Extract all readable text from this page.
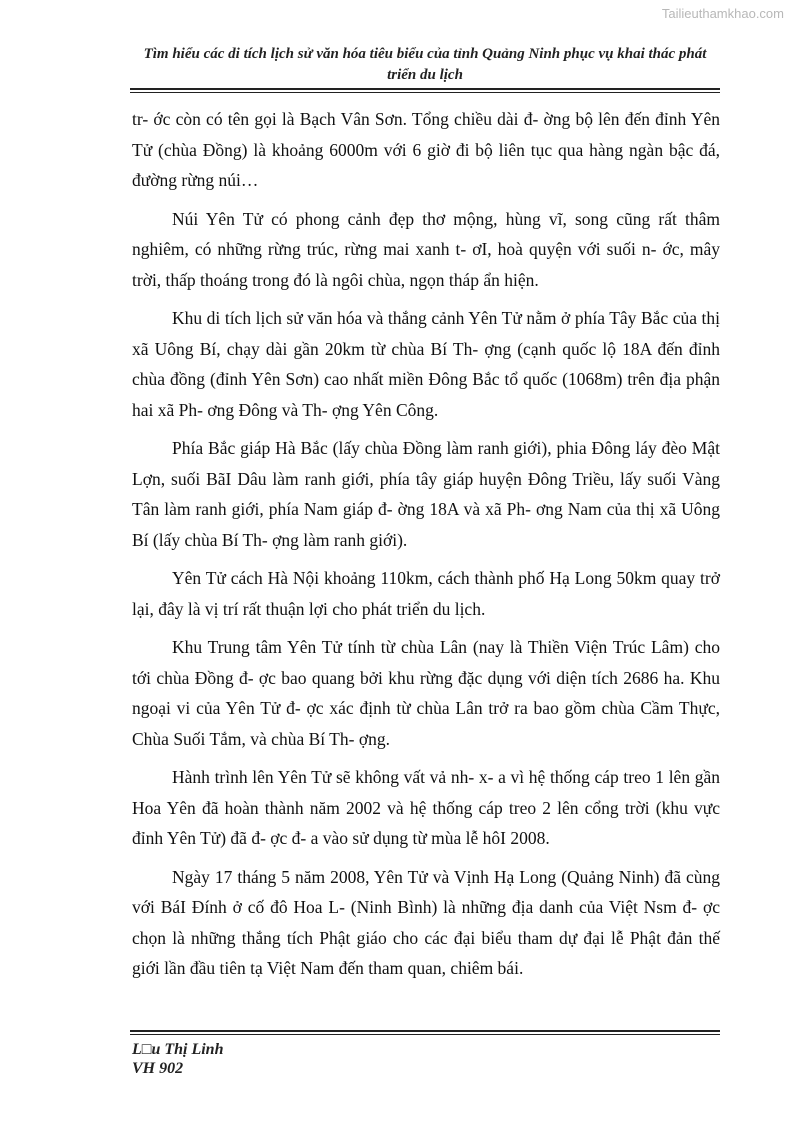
Tailieuthamkhao.com
Tìm hiểu các di tích lịch sử văn hóa tiêu biểu của tỉnh Quảng Ninh phục vụ khai thác phát triển du lịch

tr- ớc còn có tên gọi là Bạch Vân Sơn. Tổng chiều dài đ- ờng bộ lên đến đỉnh Yên Tử (chùa Đồng) là khoảng 6000m với 6 giờ đi bộ liên tục qua hàng ngàn bậc đá, đường rừng núi…

Núi Yên Tử có phong cảnh đẹp thơ mộng, hùng vĩ, song cũng rất thâm nghiêm, có những rừng trúc, rừng mai xanh t- ơI, hoà quyện với suối n- ớc, mây trời, thấp thoáng trong đó là ngôi chùa, ngọn tháp ẩn hiện.

Khu di tích lịch sử văn hóa và thắng cảnh Yên Tử nằm ở phía Tây Bắc của thị xã Uông Bí, chạy dài gần 20km từ chùa Bí Th- ợng (cạnh quốc lộ 18A đến đỉnh chùa đồng (đỉnh Yên Sơn) cao nhất miền Đông Bắc tổ quốc (1068m) trên địa phận hai xã Ph- ơng Đông và Th- ợng Yên Công.

Phía Bắc giáp Hà Bắc (lấy chùa Đồng làm ranh giới), phia Đông láy đèo Mật Lợn, suối BãI Dâu làm ranh giới, phía tây giáp huyện Đông Triều, lấy suối Vàng Tân làm ranh giới, phía Nam giáp đ- ờng 18A và xã Ph- ơng Nam của thị xã Uông Bí (lấy chùa Bí Th- ợng làm ranh giới).

Yên Tử cách Hà Nội khoảng 110km, cách thành phố Hạ Long 50km quay trở lại, đây là vị trí rất thuận lợi cho phát triển du lịch.

Khu Trung tâm Yên Tử tính từ chùa Lân (nay là Thiền Viện Trúc Lâm) cho tới chùa Đồng đ- ợc bao quang bởi khu rừng đặc dụng với diện tích 2686 ha. Khu ngoại vi của Yên Tử đ- ợc xác định từ chùa Lân trở ra bao gồm chùa Cầm Thực, Chùa Suối Tắm, và chùa Bí Th- ợng.

Hành trình lên Yên Tử sẽ không vất vả nh- x- a vì hệ thống cáp treo 1 lên gần Hoa Yên đã hoàn thành năm 2002 và hệ thống cáp treo 2 lên cổng trời (khu vực đỉnh Yên Tử) đã đ- ợc đ- a vào sử dụng từ mùa lễ hôI 2008.

Ngày 17 tháng 5 năm 2008, Yên Tử và Vịnh Hạ Long (Quảng Ninh) đã cùng với BáI Đính ở cố đô Hoa L- (Ninh Bình) là những địa danh của Việt Nsm đ- ợc chọn là những thắng tích Phật giáo cho các đại biểu tham dự đại lễ Phật đản thế giới lần đầu tiên tạ Việt Nam đến tham quan, chiêm bái.

L□u Thị Linh
VH 902
